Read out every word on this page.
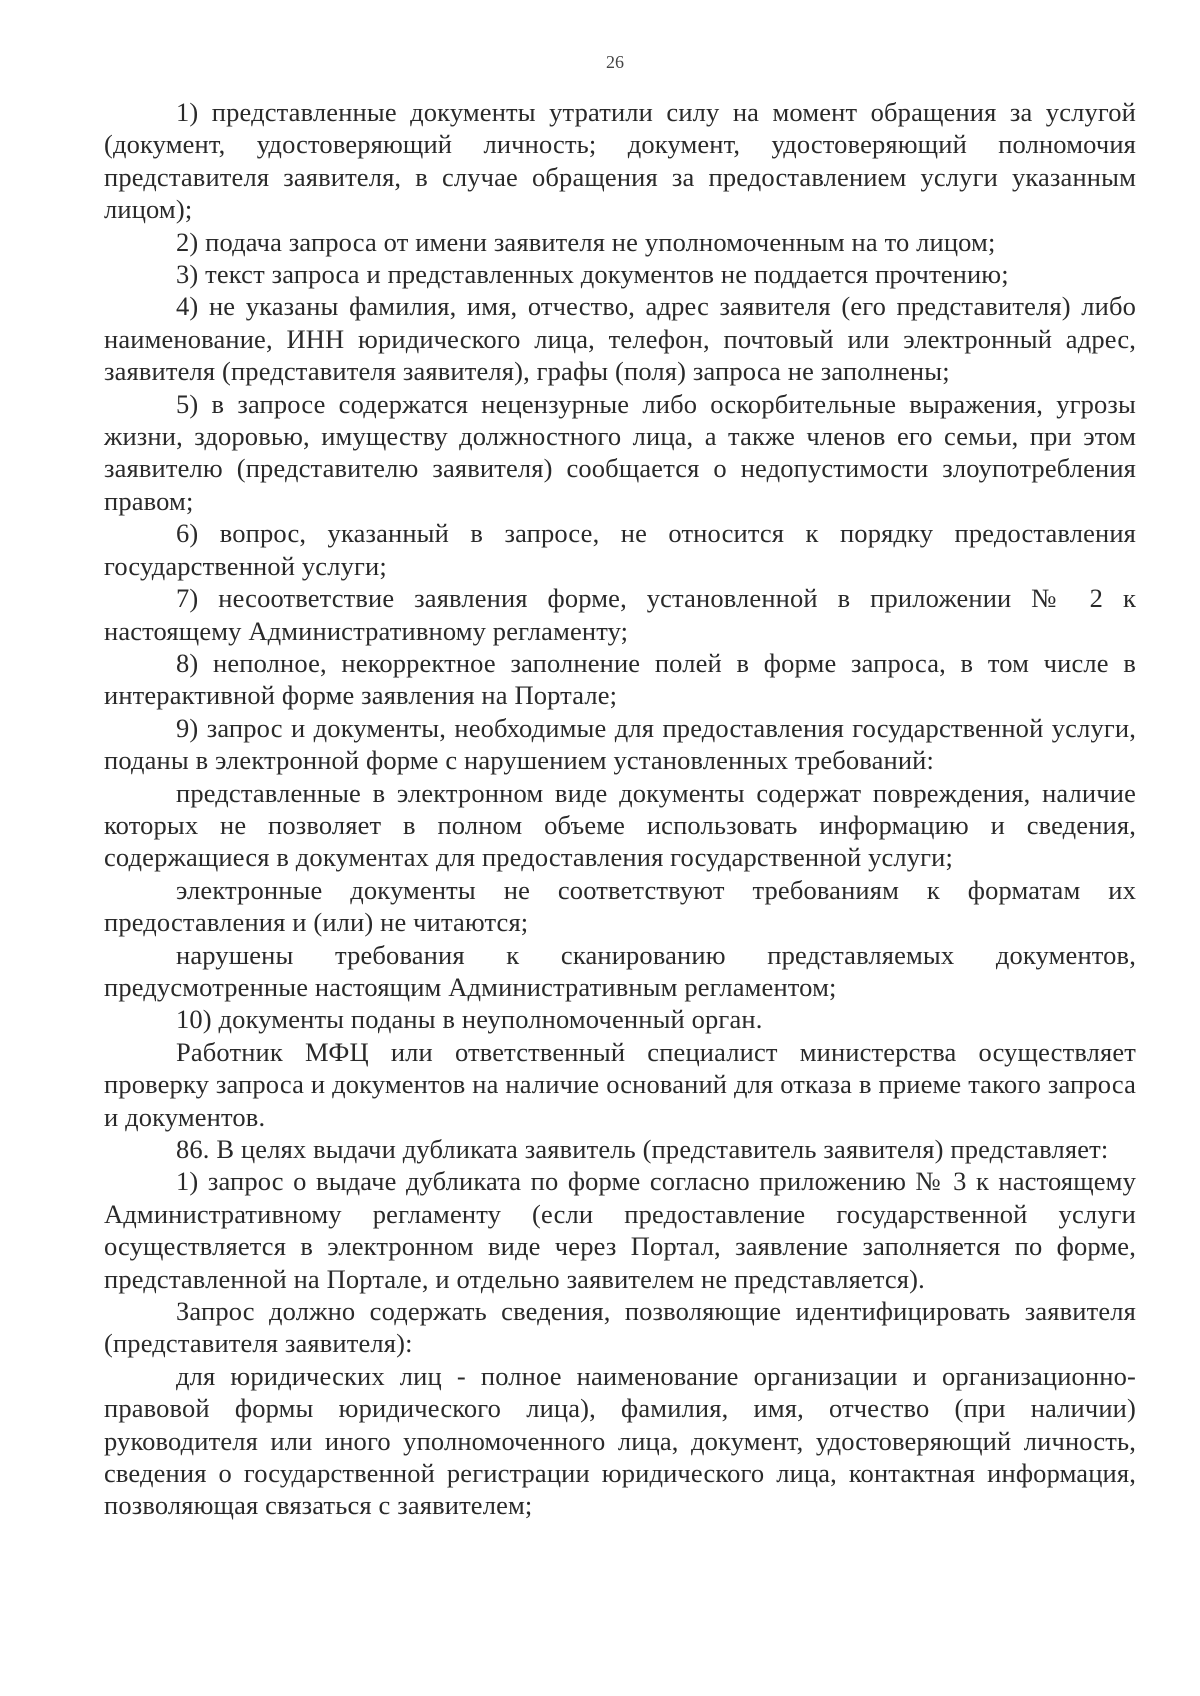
26

1) представленные документы утратили силу на момент обращения за услугой (документ, удостоверяющий личность; документ, удостоверяющий полномочия представителя заявителя, в случае обращения за предоставлением услуги указанным лицом);

2) подача запроса от имени заявителя не уполномоченным на то лицом;

3) текст запроса и представленных документов не поддается прочтению;

4) не указаны фамилия, имя, отчество, адрес заявителя (его представителя) либо наименование, ИНН юридического лица, телефон, почтовый или электронный адрес, заявителя (представителя заявителя), графы (поля) запроса не заполнены;

5) в запросе содержатся нецензурные либо оскорбительные выражения, угрозы жизни, здоровью, имуществу должностного лица, а также членов его семьи, при этом заявителю (представителю заявителя) сообщается о недопустимости злоупотребления правом;

6) вопрос, указанный в запросе, не относится к порядку предоставления государственной услуги;

7) несоответствие заявления форме, установленной в приложении № 2 к настоящему Административному регламенту;

8) неполное, некорректное заполнение полей в форме запроса, в том числе в интерактивной форме заявления на Портале;

9) запрос и документы, необходимые для предоставления государственной услуги, поданы в электронной форме с нарушением установленных требований:

представленные в электронном виде документы содержат повреждения, наличие которых не позволяет в полном объеме использовать информацию и сведения, содержащиеся в документах для предоставления государственной услуги;

электронные документы не соответствуют требованиям к форматам их предоставления и (или) не читаются;

нарушены требования к сканированию представляемых документов, предусмотренные настоящим Административным регламентом;

10) документы поданы в неуполномоченный орган.

Работник МФЦ или ответственный специалист министерства осуществляет проверку запроса и документов на наличие оснований для отказа в приеме такого запроса и документов.

86. В целях выдачи дубликата заявитель (представитель заявителя) представляет:

1) запрос о выдаче дубликата по форме согласно приложению № 3 к настоящему Административному регламенту (если предоставление государственной услуги осуществляется в электронном виде через Портал, заявление заполняется по форме, представленной на Портале, и отдельно заявителем не представляется).

Запрос должно содержать сведения, позволяющие идентифицировать заявителя (представителя заявителя):

для юридических лиц - полное наименование организации и организационно-правовой формы юридического лица), фамилия, имя, отчество (при наличии) руководителя или иного уполномоченного лица, документ, удостоверяющий личность, сведения о государственной регистрации юридического лица, контактная информация, позволяющая связаться с заявителем;
